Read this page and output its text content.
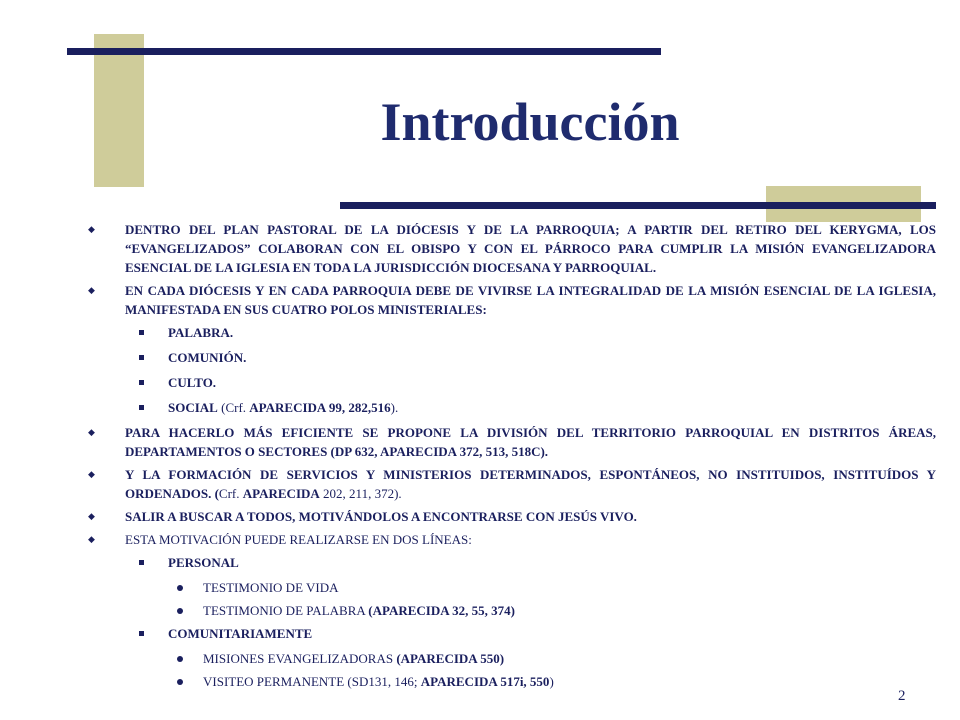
Introducción
◆ DENTRO DEL PLAN PASTORAL DE LA DIÓCESIS Y DE LA PARROQUIA; A PARTIR DEL RETIRO DEL KERYGMA, LOS “EVANGELIZADOS” COLABORAN CON EL OBISPO Y CON EL PÁRROCO PARA CUMPLIR LA MISIÓN EVANGELIZADORA ESENCIAL DE LA IGLESIA EN TODA LA JURISDICCIÓN DIOCESANA Y PARROQUIAL.
◆ EN CADA DIÓCESIS Y EN CADA PARROQUIA DEBE DE VIVIRSE LA INTEGRALIDAD DE LA MISIÓN ESENCIAL DE LA IGLESIA, MANIFESTADA EN SUS CUATRO POLOS MINISTERIALES:
PALABRA.
COMUNIÓN.
CULTO.
SOCIAL (Crf. APARECIDA 99, 282,516).
◆ PARA HACERLO MÁS EFICIENTE SE PROPONE LA DIVISIÓN DEL TERRITORIO PARROQUIAL EN DISTRITOS ÁREAS, DEPARTAMENTOS O SECTORES (DP 632, APARECIDA 372, 513, 518C).
◆ Y LA FORMACIÓN DE SERVICIOS Y MINISTERIOS DETERMINADOS, ESPONTÁNEOS, NO INSTITUIDOS, INSTITUÍDOS Y ORDENADOS. (Crf. APARECIDA 202, 211, 372).
◆ SALIR A BUSCAR A TODOS, MOTIVÁNDOLOS A ENCONTRARSE CON JESÚS VIVO.
◆ ESTA MOTIVACIÓN PUEDE REALIZARSE EN DOS LÍNEAS:
PERSONAL
TESTIMONIO DE VIDA
TESTIMONIO DE PALABRA (APARECIDA 32, 55, 374)
COMUNITARIAMENTE
MISIONES EVANGELIZADORAS (APARECIDA 550)
VISITEO PERMANENTE (SD131, 146; APARECIDA 517i, 550)
2
